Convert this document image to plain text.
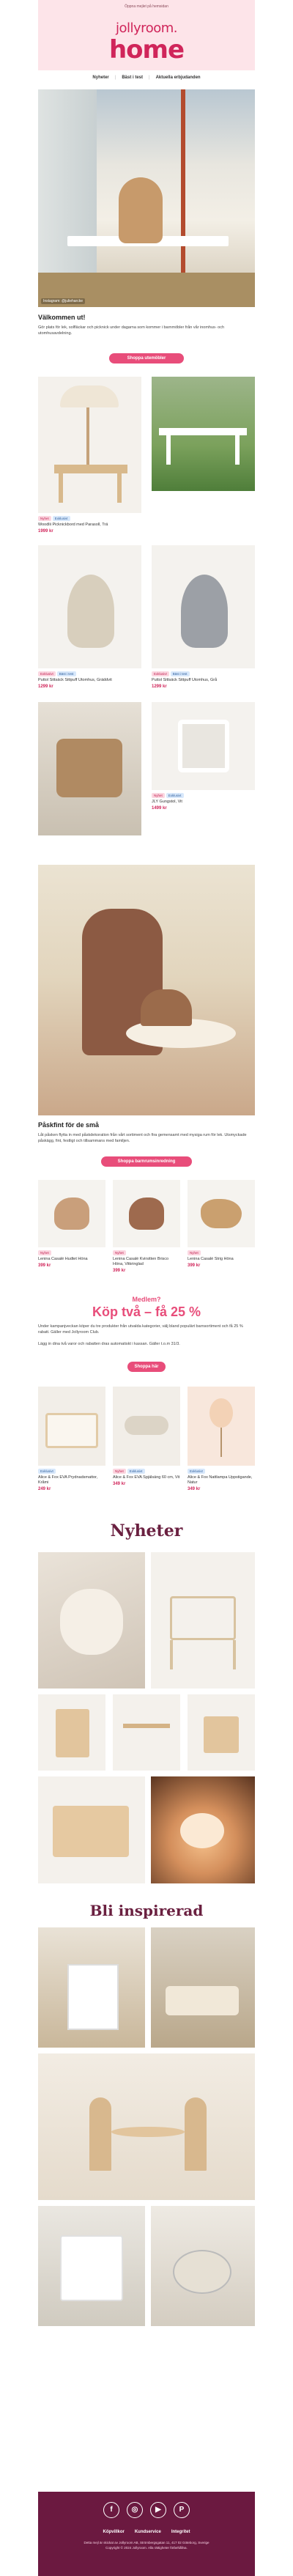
Öppna mejlet på hemsidan
jollyroom.
home
Nyheter | Bäst i test | Aktuella erbjudanden
Instagram: @julieharcke
Välkommen ut!
Gör plats för lek, solfläckar och picknick under dagarna som kommer i barnmöbler från vår inomhus- och utomhusavdelning.
Shoppa utemöbler
Nyhet Exklusivt
Woodlii Picknickbord med Parasoll, Trä
1999 kr
Exklusivt Bäst i test
Puttol Sittsäck Sittpuff Utomhus, Gräddvit
1299 kr
Exklusivt Bäst i test
Puttol Sittsäck Sittpuff Utomhus, Grå
1299 kr
Nyhet Exklusivt
JLY Gungstol, Vit
1499 kr
Påskfint för de små
Låt påsken flytta in med påskdekoration från vårt sortiment och fira gemensamt med mysiga rum för lek. Utsmyckade påskägg, fint, festligt och tillsammans med familjen.
Shoppa barnrumsinredning
Nyhet
Lenina Casalé Hudtet Höna
399 kr
Nyhet
Lenina Casalé Kvirsitten Brisco Höna, Vitkringlad
399 kr
Nyhet
Lenina Casalé Strig Höna
399 kr
Medlem?
Köp två – få 25 %
Under kampanjveckan köper du tre produkter från utvalda kategorier, välj bland populärt barnsortiment och få 25 % rabatt. Gäller med Jollyroom Club.
Lägg in dina två varor och rabatten dras automatiskt i kassan. Gäller t.o.m 31/3.
Shoppa här
Exklusivt
Alice & Fox EVA Prydnadsmattor, Kråmi
249 kr
Nyhet Exklusivt
Alice & Fox EVA Spjälsäng 60 cm, Vit
349 kr
Exklusivt
Alice & Fox Nattlampa Uppstigande, Natur
349 kr
Nyheter
Bli inspirerad
f	◎	▶	P
Köpvillkor Kundservice Integritet
Detta mejl är skickat av Jollyroom AB, Strömbergsgatan 11, 417 02 Göteborg, Sverige
Copyright © 2024 Jollyroom. Alla rättigheter förbehållna.
